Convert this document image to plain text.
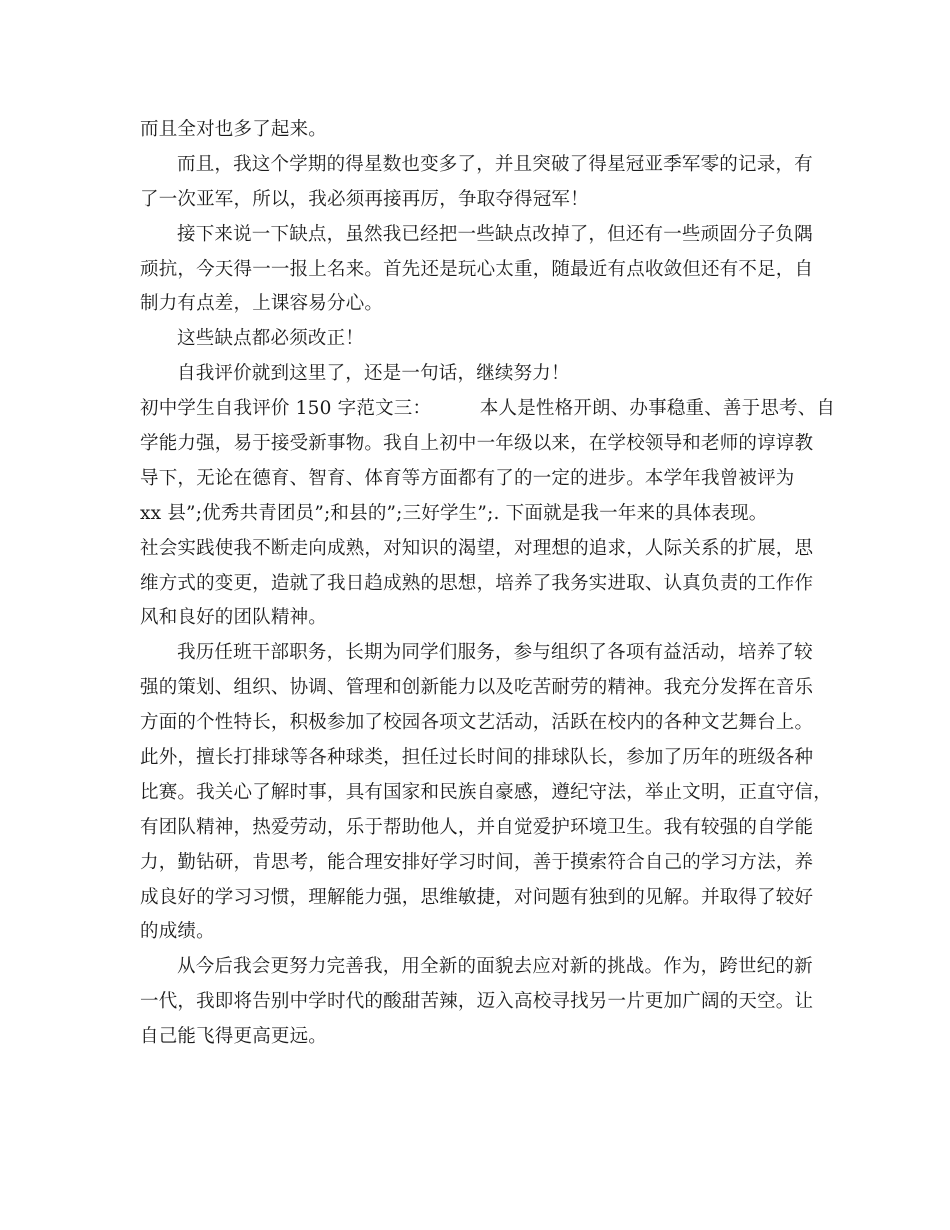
而且全对也多了起来。
而且，我这个学期的得星数也变多了，并且突破了得星冠亚季军零的记录，有
了一次亚军，所以，我必须再接再厉，争取夺得冠军！
接下来说一下缺点，虽然我已经把一些缺点改掉了，但还有一些顽固分子负隅
顽抗，今天得一一报上名来。首先还是玩心太重，随最近有点收敛但还有不足，自
制力有点差，上课容易分心。
这些缺点都必须改正！
自我评价就到这里了，还是一句话，继续努力！
初中学生自我评价 150 字范文三：        本人是性格开朗、办事稳重、善于思考、自
学能力强，易于接受新事物。我自上初中一年级以来，在学校领导和老师的谆谆教
导下，无论在德育、智育、体育等方面都有了的一定的进步。本学年我曾被评为
xx 县”;优秀共青团员”;和县的”;三好学生”;. 下面就是我一年来的具体表现。
社会实践使我不断走向成熟，对知识的渴望，对理想的追求，人际关系的扩展，思
维方式的变更，造就了我日趋成熟的思想，培养了我务实进取、认真负责的工作作
风和良好的团队精神。
我历任班干部职务，长期为同学们服务，参与组织了各项有益活动，培养了较
强的策划、组织、协调、管理和创新能力以及吃苦耐劳的精神。我充分发挥在音乐
方面的个性特长，积极参加了校园各项文艺活动，活跃在校内的各种文艺舞台上。
此外，擅长打排球等各种球类，担任过长时间的排球队长，参加了历年的班级各种
比赛。我关心了解时事，具有国家和民族自豪感，遵纪守法，举止文明，正直守信，
有团队精神，热爱劳动，乐于帮助他人，并自觉爱护环境卫生。我有较强的自学能
力，勤钻研，肯思考，能合理安排好学习时间，善于摸索符合自己的学习方法，养
成良好的学习习惯，理解能力强，思维敏捷，对问题有独到的见解。并取得了较好
的成绩。
从今后我会更努力完善我，用全新的面貌去应对新的挑战。作为，跨世纪的新
一代，我即将告别中学时代的酸甜苦辣，迈入高校寻找另一片更加广阔的天空。让
自己能飞得更高更远。
